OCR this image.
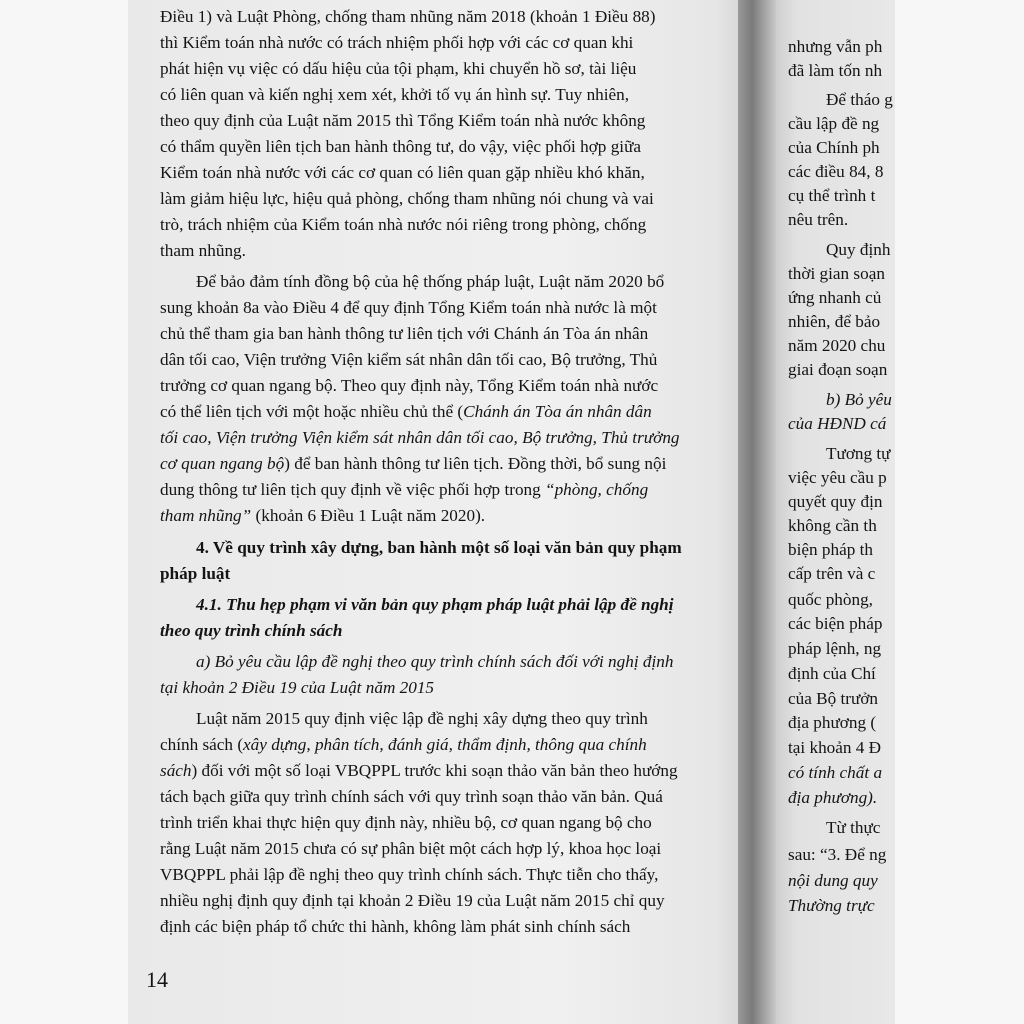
Điều 1) và Luật Phòng, chống tham nhũng năm 2018 (khoản 1 Điều 88)
thì Kiểm toán nhà nước có trách nhiệm phối hợp với các cơ quan khi
phát hiện vụ việc có dấu hiệu của tội phạm, khi chuyển hồ sơ, tài liệu
có liên quan và kiến nghị xem xét, khởi tố vụ án hình sự. Tuy nhiên,
theo quy định của Luật năm 2015 thì Tổng Kiểm toán nhà nước không
có thẩm quyền liên tịch ban hành thông tư, do vậy, việc phối hợp giữa
Kiểm toán nhà nước với các cơ quan có liên quan gặp nhiều khó khăn,
làm giảm hiệu lực, hiệu quả phòng, chống tham nhũng nói chung và vai
trò, trách nhiệm của Kiểm toán nhà nước nói riêng trong phòng, chống
tham nhũng.
Để bảo đảm tính đồng bộ của hệ thống pháp luật, Luật năm 2020 bổ
sung khoản 8a vào Điều 4 để quy định Tổng Kiểm toán nhà nước là một
chủ thể tham gia ban hành thông tư liên tịch với Chánh án Tòa án nhân
dân tối cao, Viện trưởng Viện kiểm sát nhân dân tối cao, Bộ trưởng, Thủ
trưởng cơ quan ngang bộ. Theo quy định này, Tổng Kiểm toán nhà nước
có thể liên tịch với một hoặc nhiều chủ thể (Chánh án Tòa án nhân dân
tối cao, Viện trưởng Viện kiểm sát nhân dân tối cao, Bộ trưởng, Thủ trưởng
cơ quan ngang bộ) để ban hành thông tư liên tịch. Đồng thời, bổ sung nội
dung thông tư liên tịch quy định về việc phối hợp trong “phòng, chống
tham nhũng” (khoản 6 Điều 1 Luật năm 2020).
4. Về quy trình xây dựng, ban hành một số loại văn bản quy phạm
pháp luật
4.1. Thu hẹp phạm vi văn bản quy phạm pháp luật phải lập đề nghị
theo quy trình chính sách
a) Bỏ yêu cầu lập đề nghị theo quy trình chính sách đối với nghị định
tại khoản 2 Điều 19 của Luật năm 2015
Luật năm 2015 quy định việc lập đề nghị xây dựng theo quy trình
chính sách (xây dựng, phân tích, đánh giá, thẩm định, thông qua chính
sách) đối với một số loại VBQPPL trước khi soạn thảo văn bản theo hướng
tách bạch giữa quy trình chính sách với quy trình soạn thảo văn bản. Quá
trình triển khai thực hiện quy định này, nhiều bộ, cơ quan ngang bộ cho
rằng Luật năm 2015 chưa có sự phân biệt một cách hợp lý, khoa học loại
VBQPPL phải lập đề nghị theo quy trình chính sách. Thực tiễn cho thấy,
nhiều nghị định quy định tại khoản 2 Điều 19 của Luật năm 2015 chỉ quy
định các biện pháp tổ chức thi hành, không làm phát sinh chính sách
14
nhưng vẫn ph
đã làm tốn nh
Để tháo g
cầu lập đề ng
của Chính ph
các điều 84, 8
cụ thể trình t
nêu trên.
Quy định
thời gian soạn
ứng nhanh củ
nhiên, để bảo
năm 2020 chu
giai đoạn soạn
b) Bỏ yêu
của HĐND cá
Tương tự
việc yêu cầu p
quyết quy địn
không cần th
biện pháp th
cấp trên và c
quốc phòng,
các biện pháp
pháp lệnh, ng
định của Chí
của Bộ trưởn
địa phương (
tại khoản 4 Đ
có tính chất a
địa phương).
Từ thực
sau: “3. Để ng
nội dung quy
Thường trực
